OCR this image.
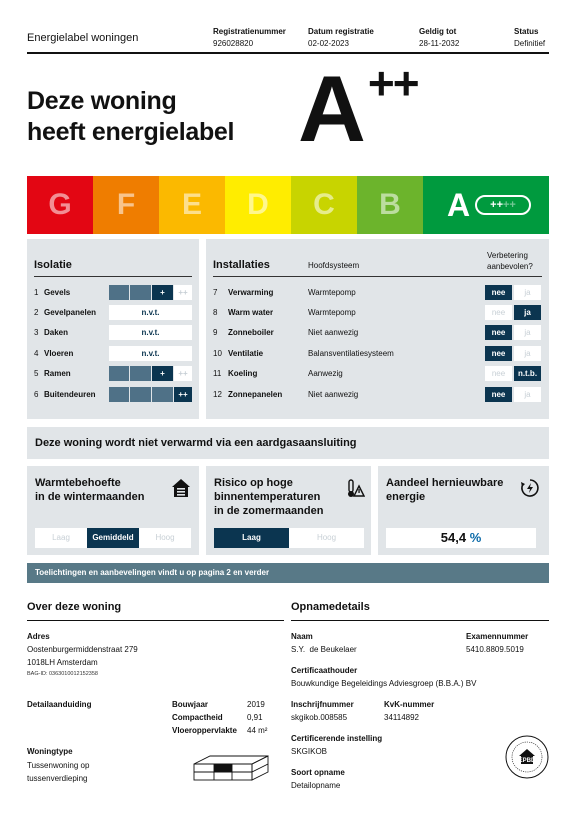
Energielabel woningen
Registratienummer
926028820
Datum registratie
02-02-2023
Geldig tot
28-11-2032
Status
Definitief
Deze woning
heeft energielabel A++
G	F	E	D	C	B	A	++++
Isolatie
1 Gevels	+	++
2 Gevelpanelen	n.v.t.
3 Daken	n.v.t.
4 Vloeren	n.v.t.
5 Ramen	+	++
6 Buitendeuren	++
Installaties	Hoofdsysteem
Verbetering
aanbevolen?
7 Verwarming	Warmtepomp	nee	ja
8 Warm water	Warmtepomp	nee	ja
9 Zonneboiler	Niet aanwezig	nee	ja
10 Ventilatie	Balansventilatiesysteem	nee	ja
11 Koeling	Aanwezig	nee	n.t.b.
12 Zonnepanelen	Niet aanwezig	nee	ja
Deze woning wordt niet verwarmd via een aardgasaansluiting
Warmtebehoefte
in de wintermaanden
Laag	Gemiddeld	Hoog
Risico op hoge
binnentemperaturen
in de zomermaanden
Laag	Hoog
Aandeel hernieuwbare
energie
54,4 %
Toelichtingen en aanbevelingen vindt u op pagina 2 en verder
Over deze woning
Adres
Oostenburgermiddenstraat 279
1018LH Amsterdam
BAG-ID: 0363010012152358
Detailaanduiding	Bouwjaar	2019
Compactheid	0,91
Vloeroppervlakte 44 m²
Woningtype
Tussenwoning op
tussenverdieping
Opnamedetails
Naam
S.Y.  de Beukelaer
Examennummer
5410.8809.5019
Certificaathouder
Bouwkundige Begeleidings Adviesgroep (B.B.A.) BV
Inschrijfnummer
skgikob.008585
KvK-nummer
34114892
Certificerende instelling
SKGIKOB
Soort opname
Detailopname
EPBD
